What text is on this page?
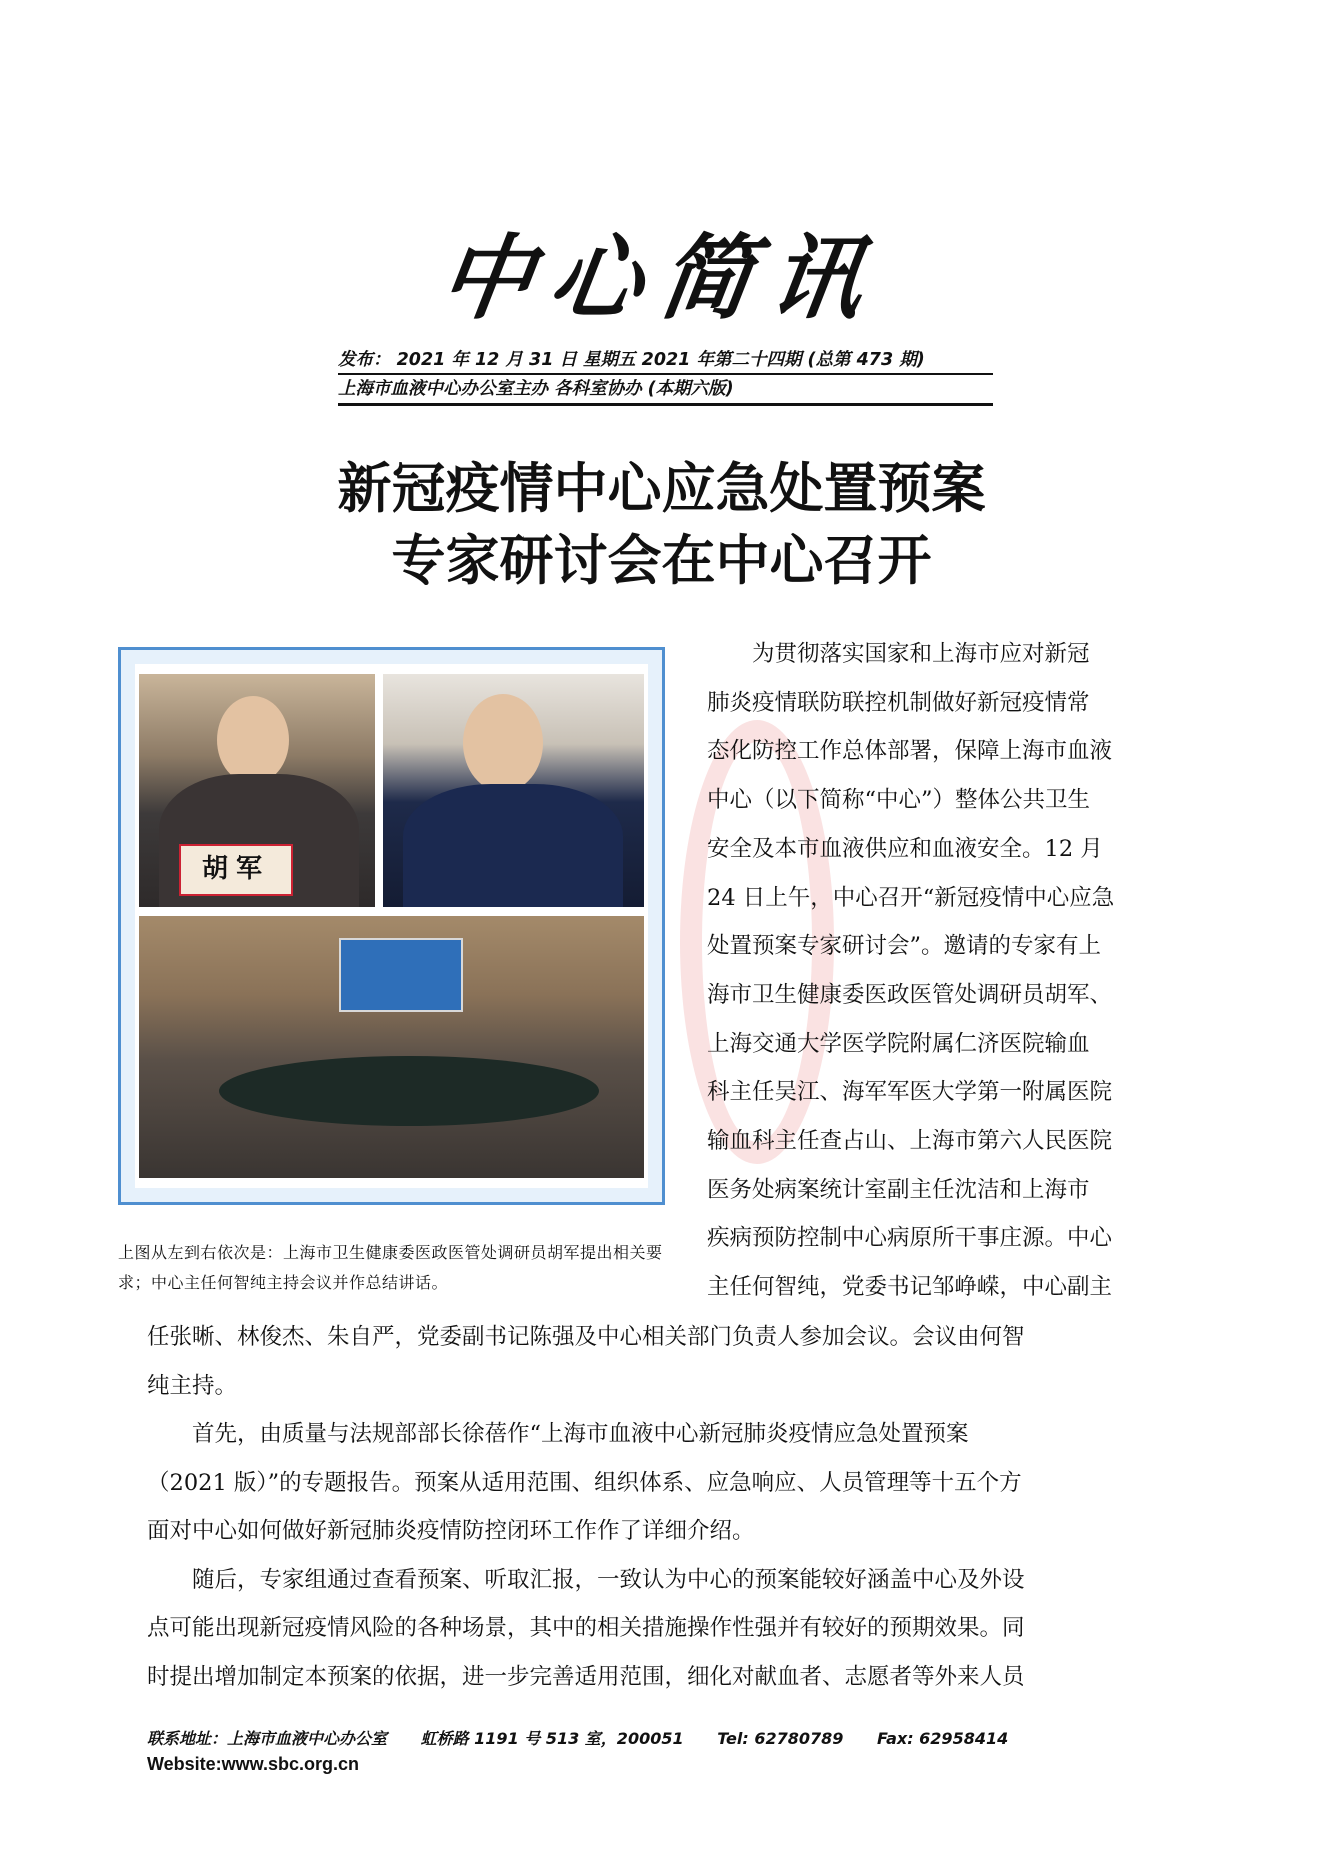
中心简讯
发布： 2021 年 12 月 31 日 星期五 2021 年第二十四期 (总第 473 期)
上海市血液中心办公室主办 各科室协办 (本期六版)
新冠疫情中心应急处置预案
专家研讨会在中心召开
胡军
上图从左到右依次是：上海市卫生健康委医政医管处调研员胡军提出相关要求；中心主任何智纯主持会议并作总结讲话。
　　为贯彻落实国家和上海市应对新冠
肺炎疫情联防联控机制做好新冠疫情常
态化防控工作总体部署，保障上海市血液
中心（以下简称“中心”）整体公共卫生
安全及本市血液供应和血液安全。12 月
24 日上午，中心召开“新冠疫情中心应急
处置预案专家研讨会”。邀请的专家有上
海市卫生健康委医政医管处调研员胡军、
上海交通大学医学院附属仁济医院输血
科主任吴江、海军军医大学第一附属医院
输血科主任查占山、上海市第六人民医院
医务处病案统计室副主任沈洁和上海市
疾病预防控制中心病原所干事庄源。中心
主任何智纯，党委书记邹峥嵘，中心副主
任张晰、林俊杰、朱自严，党委副书记陈强及中心相关部门负责人参加会议。会议由何智
纯主持。
　　首先，由质量与法规部部长徐蓓作“上海市血液中心新冠肺炎疫情应急处置预案
（2021 版）”的专题报告。预案从适用范围、组织体系、应急响应、人员管理等十五个方
面对中心如何做好新冠肺炎疫情防控闭环工作作了详细介绍。
　　随后，专家组通过查看预案、听取汇报，一致认为中心的预案能较好涵盖中心及外设
点可能出现新冠疫情风险的各种场景，其中的相关措施操作性强并有较好的预期效果。同
时提出增加制定本预案的依据，进一步完善适用范围，细化对献血者、志愿者等外来人员
联系地址：上海市血液中心办公室 虹桥路 1191 号 513 室，200051 Tel: 62780789 Fax: 62958414
Website:www.sbc.org.cn
